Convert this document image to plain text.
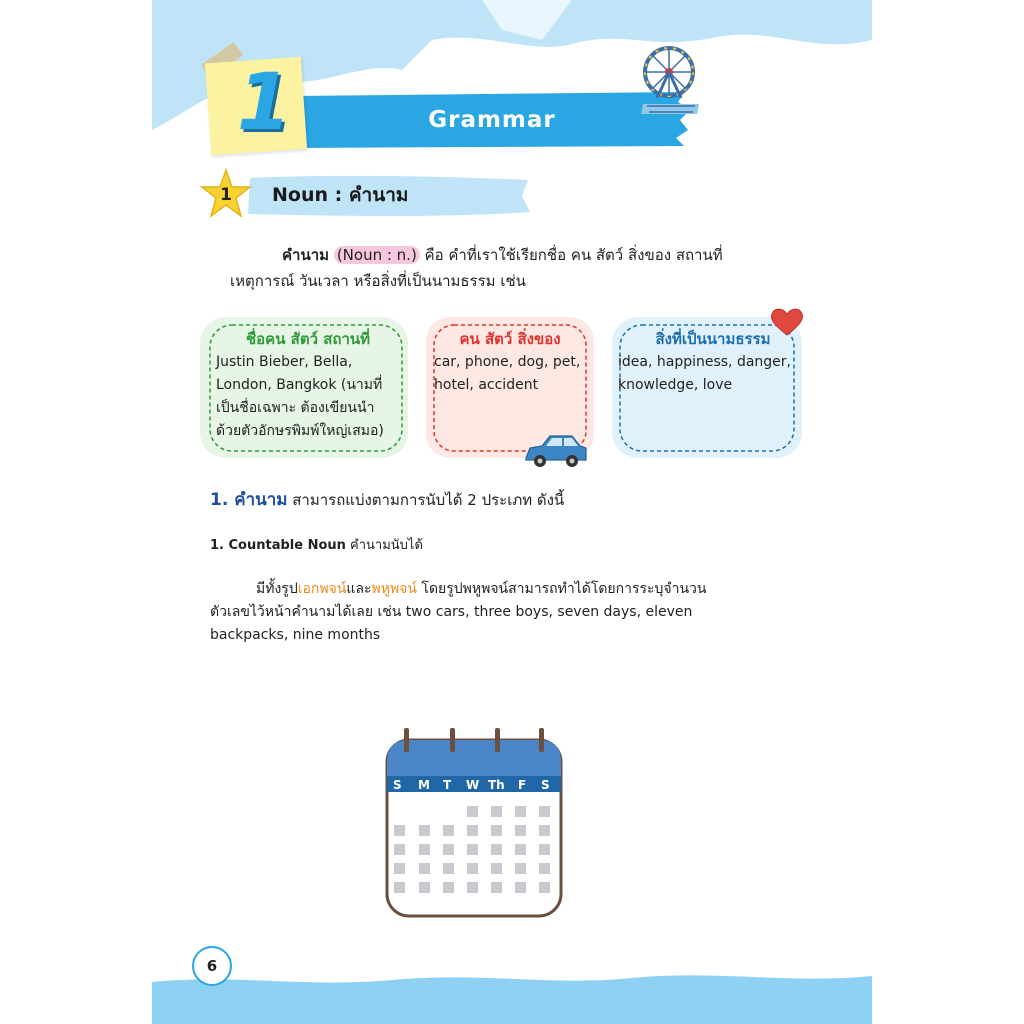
1	Grammar
1	Noun : คำนาม
คำนาม (Noun : n.) คือ คำที่เราใช้เรียกชื่อ คน สัตว์ สิ่งของ สถานที่
เหตุการณ์ วันเวลา หรือสิ่งที่เป็นนามธรรม เช่น
ชื่อคน สัตว์ สถานที่
Justin Bieber, Bella, London, Bangkok (นามที่เป็นชื่อเฉพาะ ต้องเขียนนำด้วยตัวอักษรพิมพ์ใหญ่เสมอ)
คน สัตว์ สิ่งของ
car, phone, dog, pet, hotel, accident
สิ่งที่เป็นนามธรรม
idea, happiness, danger, knowledge, love
1. คำนาม สามารถแบ่งตามการนับได้ 2 ประเภท ดังนี้
1. Countable Noun คำนามนับได้
มีทั้งรูปเอกพจน์และพหูพจน์ โดยรูปพหูพจน์สามารถทำได้โดยการระบุจำนวนตัวเลขไว้หน้าคำนามได้เลย เช่น two cars, three boys, seven days, eleven backpacks, nine months
S M T W Th F S
6
